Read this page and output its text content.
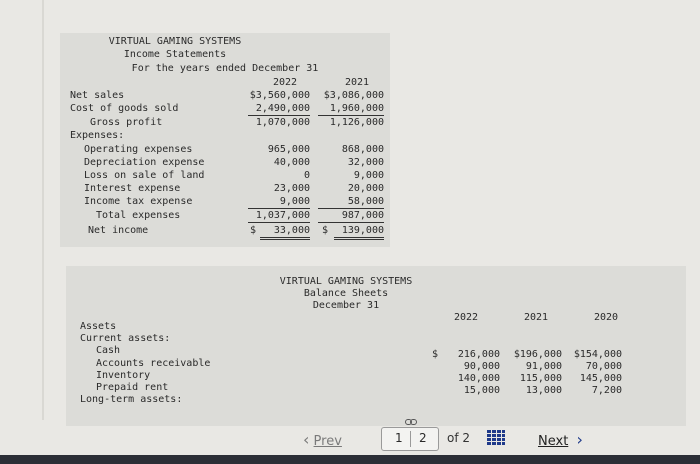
VIRTUAL GAMING SYSTEMS
Income Statements
For the years ended December 31
2022	2021
Net sales	$3,560,000	$3,086,000
Cost of goods sold	2,490,000	1,960,000
Gross profit	1,070,000	1,126,000
Expenses:
Operating expenses	965,000	868,000
Depreciation expense	40,000	32,000
Loss on sale of land	0	9,000
Interest expense	23,000	20,000
Income tax expense	9,000	58,000
Total expenses	1,037,000	987,000
Net income	$	33,000 $	139,000
VIRTUAL GAMING SYSTEMS
Balance Sheets
December 31
2022	2021	2020
Assets
Current assets:
Cash	$	216,000	$196,000	$154,000
Accounts receivable	90,000	91,000	70,000
Inventory	140,000	115,000	145,000
Prepaid rent	15,000	13,000	7,200
Long-term assets:
‹ Prev	1 2 of 2	Next ›
